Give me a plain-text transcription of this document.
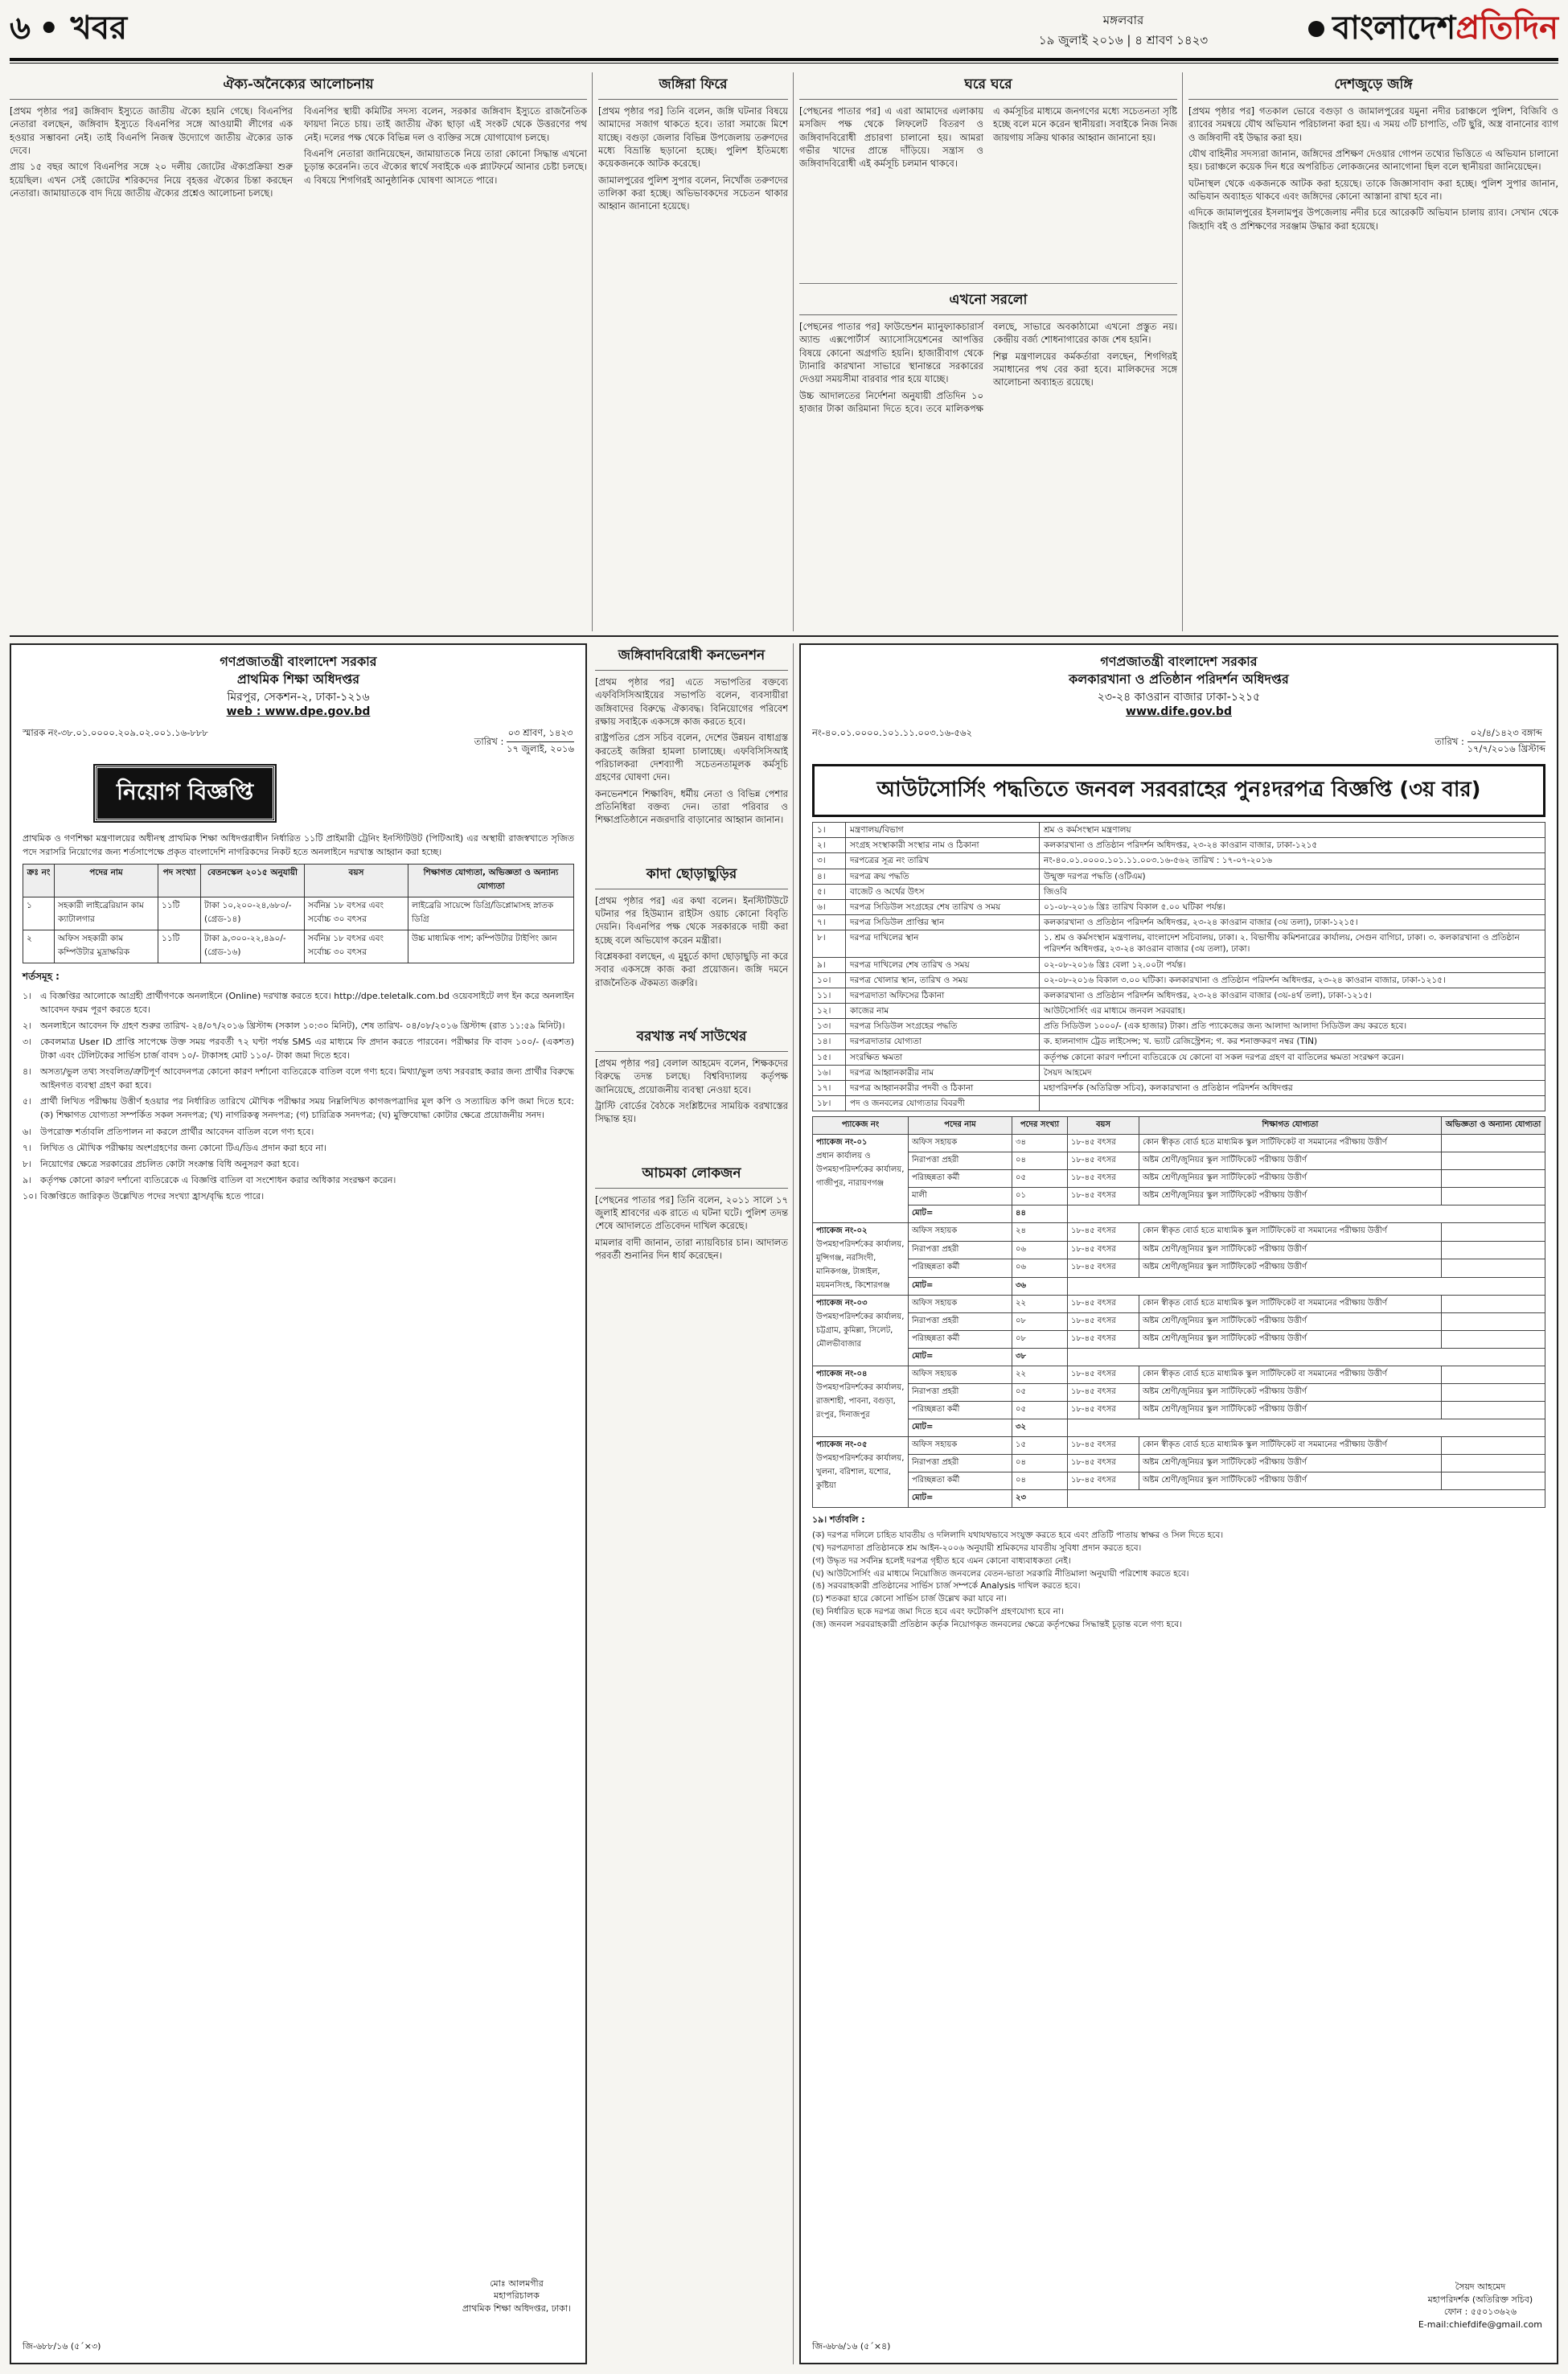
৬ • খবর	মঙ্গলবার
১৯ জুলাই ২০১৬ | ৪ শ্রাবণ ১৪২৩	বাংলাদেশ প্রতিদিন
ঐক্য-অনৈক্যের আলোচনায়

[প্রথম পৃষ্ঠার পর] জঙ্গিবাদ ইস্যুতে জাতীয় ঐক্যে হয়নি গেছে। বিএনপির নেতারা বলছেন, জঙ্গিবাদ ইস্যুতে বিএনপির সঙ্গে আওয়ামী লীগের এক হওয়ার সম্ভাবনা নেই। তাই বিএনপি নিজস্ব উদ্যোগে জাতীয় ঐক্যের ডাক দেবে।

প্রায় ১৫ বছর আগে বিএনপির সঙ্গে ২০ দলীয় জোটের ঐক্যপ্রক্রিয়া শুরু হয়েছিল। এখন সেই জোটের শরিকদের নিয়ে বৃহত্তর ঐক্যের চিন্তা করছেন নেতারা। জামায়াতকে বাদ দিয়ে জাতীয় ঐক্যের প্রশ্নেও আলোচনা চলছে।

বিএনপির স্থায়ী কমিটির সদস্য বলেন, সরকার জঙ্গিবাদ ইস্যুতে রাজনৈতিক ফায়দা নিতে চায়। তাই জাতীয় ঐক্য ছাড়া এই সংকট থেকে উত্তরণের পথ নেই। দলের পক্ষ থেকে বিভিন্ন দল ও ব্যক্তির সঙ্গে যোগাযোগ চলছে।

বিএনপি নেতারা জানিয়েছেন, জামায়াতকে নিয়ে তারা কোনো সিদ্ধান্ত এখনো চূড়ান্ত করেননি। তবে ঐক্যের স্বার্থে সবাইকে এক প্ল্যাটফর্মে আনার চেষ্টা চলছে। এ বিষয়ে শিগগিরই আনুষ্ঠানিক ঘোষণা আসতে পারে।

জঙ্গিরা ফিরে

[প্রথম পৃষ্ঠার পর] তিনি বলেন, জঙ্গি ঘটনার বিষয়ে আমাদের সজাগ থাকতে হবে। তারা সমাজে মিশে যাচ্ছে। বগুড়া জেলার বিভিন্ন উপজেলায় তরুণদের মধ্যে বিভ্রান্তি ছড়ানো হচ্ছে। পুলিশ ইতিমধ্যে কয়েকজনকে আটক করেছে।

জামালপুরের পুলিশ সুপার বলেন, নিখোঁজ তরুণদের তালিকা করা হচ্ছে। অভিভাবকদের সচেতন থাকার আহ্বান জানানো হয়েছে।

ঘরে ঘরে

[পেছনের পাতার পর] এ এরা আমাদের এলাকায় মসজিদ পক্ষ থেকে লিফলেট বিতরণ ও জঙ্গিবাদবিরোধী প্রচারণা চালানো হয়। আমরা গভীর খাদের প্রান্তে দাঁড়িয়ে। সন্ত্রাস ও জঙ্গিবাদবিরোধী এই কর্মসূচি চলমান থাকবে।

এ কর্মসূচির মাধ্যমে জনগণের মধ্যে সচেতনতা সৃষ্টি হচ্ছে বলে মনে করেন স্থানীয়রা। সবাইকে নিজ নিজ জায়গায় সক্রিয় থাকার আহ্বান জানানো হয়।

এখনো সরলো

[পেছনের পাতার পর] ফাউন্ডেশন ম্যানুফ্যাকচারার্স অ্যান্ড এক্সপোর্টার্স অ্যাসোসিয়েশনের আপত্তির বিষয়ে কোনো অগ্রগতি হয়নি। হাজারীবাগ থেকে ট্যানারি কারখানা সাভারে স্থানান্তরে সরকারের দেওয়া সময়সীমা বারবার পার হয়ে যাচ্ছে।

উচ্চ আদালতের নির্দেশনা অনুযায়ী প্রতিদিন ১০ হাজার টাকা জরিমানা দিতে হবে। তবে মালিকপক্ষ বলছে, সাভারে অবকাঠামো এখনো প্রস্তুত নয়। কেন্দ্রীয় বর্জ্য শোধনাগারের কাজ শেষ হয়নি।

শিল্প মন্ত্রণালয়ের কর্মকর্তারা বলছেন, শিগগিরই সমাধানের পথ বের করা হবে। মালিকদের সঙ্গে আলোচনা অব্যাহত রয়েছে।

দেশজুড়ে জঙ্গি

[প্রথম পৃষ্ঠার পর] গতকাল ভোরে বগুড়া ও জামালপুরের যমুনা নদীর চরাঞ্চলে পুলিশ, বিজিবি ও র‌্যাবের সমন্বয়ে যৌথ অভিযান পরিচালনা করা হয়। এ সময় ৩টি চাপাতি, ৩টি ছুরি, অস্ত্র বানানোর ব্যাগ ও জঙ্গিবাদী বই উদ্ধার করা হয়।

যৌথ বাহিনীর সদস্যরা জানান, জঙ্গিদের প্রশিক্ষণ দেওয়ার গোপন তথ্যের ভিত্তিতে এ অভিযান চালানো হয়। চরাঞ্চলে কয়েক দিন ধরে অপরিচিত লোকজনের আনাগোনা ছিল বলে স্থানীয়রা জানিয়েছেন।

ঘটনাস্থল থেকে একজনকে আটক করা হয়েছে। তাকে জিজ্ঞাসাবাদ করা হচ্ছে। পুলিশ সুপার জানান, অভিযান অব্যাহত থাকবে এবং জঙ্গিদের কোনো আস্তানা রাখা হবে না।

এদিকে জামালপুরের ইসলামপুর উপজেলায় নদীর চরে আরেকটি অভিযান চালায় র‌্যাব। সেখান থেকে জিহাদি বই ও প্রশিক্ষণের সরঞ্জাম উদ্ধার করা হয়েছে।

গণপ্রজাতন্ত্রী বাংলাদেশ সরকার
প্রাথমিক শিক্ষা অধিদপ্তর
মিরপুর, সেকশন-২, ঢাকা-১২১৬
web : www.dpe.gov.bd
স্মারক নং-৩৮.০১.০০০০.২০৯.০২.০০১.১৬-৮৮৮
তারিখ :
০৩ শ্রাবণ, ১৪২৩
১৭ জুলাই, ২০১৬
নিয়োগ বিজ্ঞপ্তি
প্রাথমিক ও গণশিক্ষা মন্ত্রণালয়ের অধীনস্থ প্রাথমিক শিক্ষা অধিদপ্তরাধীন নির্ধারিত ১১টি প্রাইমারী ট্রেনিং ইনস্টিটিউট (পিটিআই) এর অস্থায়ী রাজস্বখাতে সৃজিত পদে সরাসরি নিয়োগের জন্য শর্তসাপেক্ষে প্রকৃত বাংলাদেশি নাগরিকদের নিকট হতে অনলাইনে দরখাস্ত আহ্বান করা হচ্ছে।
ক্রঃ নং	পদের নাম	পদ সংখ্যা	বেতনস্কেল ২০১৫ অনুযায়ী	বয়স	শিক্ষাগত যোগ্যতা, অভিজ্ঞতা ও অন্যান্য যোগ্যতা
১	সহকারী লাইব্রেরিয়ান কাম ক্যাটালগার	১১টি	টাকা ১০,২০০-২৪,৬৮০/- (গ্রেড-১৪)	সর্বনিম্ন ১৮ বৎসর এবং সর্বোচ্চ ৩০ বৎসর	লাইব্রেরি সায়েন্সে ডিগ্রি/ডিপ্লোমাসহ স্নাতক ডিগ্রি
২	অফিস সহকারী কাম কম্পিউটার মুদ্রাক্ষরিক	১১টি	টাকা ৯,৩০০-২২,৪৯০/- (গ্রেড-১৬)	সর্বনিম্ন ১৮ বৎসর এবং সর্বোচ্চ ৩০ বৎসর	উচ্চ মাধ্যমিক পাশ; কম্পিউটার টাইপিং জ্ঞান
শর্তসমূহ :
১। এ বিজ্ঞপ্তির আলোকে আগ্রহী প্রার্থীগণকে অনলাইনে (Online) দরখাস্ত করতে হবে। http://dpe.teletalk.com.bd ওয়েবসাইটে লগ ইন করে অনলাইন আবেদন ফরম পূরণ করতে হবে।
২। অনলাইনে আবেদন ফি গ্রহণ শুরুর তারিখ- ২৪/০৭/২০১৬ খ্রিস্টাব্দ (সকাল ১০:৩০ মিনিট), শেষ তারিখ- ০৪/০৮/২০১৬ খ্রিস্টাব্দ (রাত ১১:৫৯ মিনিট)।
৩। কেবলমাত্র User ID প্রাপ্তি সাপেক্ষে উক্ত সময় পরবর্তী ৭২ ঘণ্টা পর্যন্ত SMS এর মাধ্যমে ফি প্রদান করতে পারবেন। পরীক্ষার ফি বাবদ ১০০/- (একশত) টাকা এবং টেলিটকের সার্ভিস চার্জ বাবদ ১০/- টাকাসহ মোট ১১০/- টাকা জমা দিতে হবে।
৪। অসত্য/ভুল তথ্য সংবলিত/ত্রুটিপূর্ণ আবেদনপত্র কোনো কারণ দর্শানো ব্যতিরেকে বাতিল বলে গণ্য হবে। মিথ্যা/ভুল তথ্য সরবরাহ করার জন্য প্রার্থীর বিরুদ্ধে আইনগত ব্যবস্থা গ্রহণ করা হবে।
৫। প্রার্থী লিখিত পরীক্ষায় উত্তীর্ণ হওয়ার পর নির্ধারিত তারিখে মৌখিক পরীক্ষার সময় নিম্নলিখিত কাগজপত্রাদির মূল কপি ও সত্যায়িত কপি জমা দিতে হবে: (ক) শিক্ষাগত যোগ্যতা সম্পর্কিত সকল সনদপত্র; (খ) নাগরিকত্ব সনদপত্র; (গ) চারিত্রিক সনদপত্র; (ঘ) মুক্তিযোদ্ধা কোটার ক্ষেত্রে প্রয়োজনীয় সনদ।
৬। উপরোক্ত শর্তাবলি প্রতিপালন না করলে প্রার্থীর আবেদন বাতিল বলে গণ্য হবে।
৭। লিখিত ও মৌখিক পরীক্ষায় অংশগ্রহণের জন্য কোনো টিএ/ডিএ প্রদান করা হবে না।
৮। নিয়োগের ক্ষেত্রে সরকারের প্রচলিত কোটা সংক্রান্ত বিধি অনুসরণ করা হবে।
৯। কর্তৃপক্ষ কোনো কারণ দর্শানো ব্যতিরেকে এ বিজ্ঞপ্তি বাতিল বা সংশোধন করার অধিকার সংরক্ষণ করেন।
১০। বিজ্ঞপ্তিতে জারিকৃত উল্লেখিত পদের সংখ্যা হ্রাস/বৃদ্ধি হতে পারে।
মোঃ আলমগীর
মহাপরিচালক
প্রাথমিক শিক্ষা অধিদপ্তর, ঢাকা।
জি-৬৮৮/১৬ (৫´×৩)
জঙ্গিবাদবিরোধী কনভেনশন

[প্রথম পৃষ্ঠার পর] এতে সভাপতির বক্তব্যে এফবিসিসিআইয়ের সভাপতি বলেন, ব্যবসায়ীরা জঙ্গিবাদের বিরুদ্ধে ঐক্যবদ্ধ। বিনিয়োগের পরিবেশ রক্ষায় সবাইকে একসঙ্গে কাজ করতে হবে।

রাষ্ট্রপতির প্রেস সচিব বলেন, দেশের উন্নয়ন বাধাগ্রস্ত করতেই জঙ্গিরা হামলা চালাচ্ছে। এফবিসিসিআই পরিচালকরা দেশব্যাপী সচেতনতামূলক কর্মসূচি গ্রহণের ঘোষণা দেন।

কনভেনশনে শিক্ষাবিদ, ধর্মীয় নেতা ও বিভিন্ন পেশার প্রতিনিধিরা বক্তব্য দেন। তারা পরিবার ও শিক্ষাপ্রতিষ্ঠানে নজরদারি বাড়ানোর আহ্বান জানান।

কাদা ছোড়াছুড়ির

[প্রথম পৃষ্ঠার পর] এর কথা বলেন। ইনস্টিটিউটে ঘটনার পর হিউম্যান রাইটস ওয়াচ কোনো বিবৃতি দেয়নি। বিএনপির পক্ষ থেকে সরকারকে দায়ী করা হচ্ছে বলে অভিযোগ করেন মন্ত্রীরা।

বিশ্লেষকরা বলছেন, এ মুহূর্তে কাদা ছোড়াছুড়ি না করে সবার একসঙ্গে কাজ করা প্রয়োজন। জঙ্গি দমনে রাজনৈতিক ঐকমত্য জরুরি।

বরখাস্ত নর্থ সাউথের

[প্রথম পৃষ্ঠার পর] বেলাল আহমেদ বলেন, শিক্ষকদের বিরুদ্ধে তদন্ত চলছে। বিশ্ববিদ্যালয় কর্তৃপক্ষ জানিয়েছে, প্রয়োজনীয় ব্যবস্থা নেওয়া হবে।

ট্রাস্টি বোর্ডের বৈঠকে সংশ্লিষ্টদের সাময়িক বরখাস্তের সিদ্ধান্ত হয়।

আচমকা লোকজন

[পেছনের পাতার পর] তিনি বলেন, ২০১১ সালে ১৭ জুলাই শ্রাবণের এক রাতে এ ঘটনা ঘটে। পুলিশ তদন্ত শেষে আদালতে প্রতিবেদন দাখিল করেছে।

মামলার বাদী জানান, তারা ন্যায়বিচার চান। আদালত পরবর্তী শুনানির দিন ধার্য করেছেন।

গণপ্রজাতন্ত্রী বাংলাদেশ সরকার
কলকারখানা ও প্রতিষ্ঠান পরিদর্শন অধিদপ্তর
২৩-২৪ কাওরান বাজার ঢাকা-১২১৫
www.dife.gov.bd
নং-৪০.০১.০০০০.১০১.১১.০০৩.১৬-৫৬২
তারিখ :
০২/৪/১৪২৩ বঙ্গাব্দ
১৭/৭/২০১৬ খ্রিস্টাব্দ
আউটসোর্সিং পদ্ধতিতে জনবল সরবরাহের পুনঃদরপত্র বিজ্ঞপ্তি (৩য় বার)
১।	মন্ত্রণালয়/বিভাগ	শ্রম ও কর্মসংস্থান মন্ত্রণালয়
২।	সংগ্রহ সংস্থাকারী সংস্থার নাম ও ঠিকানা	কলকারখানা ও প্রতিষ্ঠান পরিদর্শন অধিদপ্তর, ২৩-২৪ কাওরান বাজার, ঢাকা-১২১৫
৩।	দরপত্রের সূত্র নং তারিখ	নং-৪০.০১.০০০০.১০১.১১.০০৩.১৬-৫৬২ তারিখ : ১৭-০৭-২০১৬
৪।	দরপত্র ক্রয় পদ্ধতি	উন্মুক্ত দরপত্র পদ্ধতি (ওটিএম)
৫।	বাজেট ও অর্থের উৎস	জিওবি
৬।	দরপত্র সিডিউল সংগ্রহের শেষ তারিখ ও সময়	০১-০৮-২০১৬ খ্রিঃ তারিখ বিকাল ৫.০০ ঘটিকা পর্যন্ত।
৭।	দরপত্র সিডিউল প্রাপ্তির স্থান	কলকারখানা ও প্রতিষ্ঠান পরিদর্শন অধিদপ্তর, ২৩-২৪ কাওরান বাজার (৩য় তলা), ঢাকা-১২১৫।
৮।	দরপত্র দাখিলের স্থান	১. শ্রম ও কর্মসংস্থান মন্ত্রণালয়, বাংলাদেশ সচিবালয়, ঢাকা। ২. বিভাগীয় কমিশনারের কার্যালয়, সেগুন বাগিচা, ঢাকা। ৩. কলকারখানা ও প্রতিষ্ঠান পরিদর্শন অধিদপ্তর, ২৩-২৪ কাওরান বাজার (৩য় তলা), ঢাকা।
৯।	দরপত্র দাখিলের শেষ তারিখ ও সময়	০২-০৮-২০১৬ খ্রিঃ বেলা ১২.০০টা পর্যন্ত।
১০।	দরপত্র খোলার স্থান, তারিখ ও সময়	০২-০৮-২০১৬ বিকাল ৩.০০ ঘটিকা। কলকারখানা ও প্রতিষ্ঠান পরিদর্শন অধিদপ্তর, ২৩-২৪ কাওরান বাজার, ঢাকা-১২১৫।
১১।	দরপত্রদাতা অফিসের ঠিকানা	কলকারখানা ও প্রতিষ্ঠান পরিদর্শন অধিদপ্তর, ২৩-২৪ কাওরান বাজার (৩য়-৪র্থ তলা), ঢাকা-১২১৫।
১২।	কাজের নাম	আউটসোর্সিং এর মাধ্যমে জনবল সরবরাহ।
১৩।	দরপত্র সিডিউল সংগ্রহের পদ্ধতি	প্রতি সিডিউল ১০০০/- (এক হাজার) টাকা। প্রতি প্যাকেজের জন্য আলাদা আলাদা সিডিউল ক্রয় করতে হবে।
১৪।	দরপত্রদাতার যোগ্যতা	ক. হালনাগাদ ট্রেড লাইসেন্স; খ. ভ্যাট রেজিস্ট্রেশন; গ. কর শনাক্তকরণ নম্বর (TIN)
১৫।	সংরক্ষিত ক্ষমতা	কর্তৃপক্ষ কোনো কারণ দর্শানো ব্যতিরেকে যে কোনো বা সকল দরপত্র গ্রহণ বা বাতিলের ক্ষমতা সংরক্ষণ করেন।
১৬।	দরপত্র আহ্বানকারীর নাম	সৈয়দ আহমেদ
১৭।	দরপত্র আহ্বানকারীর পদবী ও ঠিকানা	মহাপরিদর্শক (অতিরিক্ত সচিব), কলকারখানা ও প্রতিষ্ঠান পরিদর্শন অধিদপ্তর
১৮।	পদ ও জনবলের যোগ্যতার বিবরণী	
প্যাকেজ নং	পদের নাম	পদের সংখ্যা	বয়স	শিক্ষাগত যোগ্যতা	অভিজ্ঞতা ও অন্যান্য যোগ্যতা

প্যাকেজ নং-০১
প্রধান কার্যালয় ও উপমহাপরিদর্শকের কার্যালয়, গাজীপুর, নারায়ণগঞ্জ	অফিস সহায়ক	৩৪	১৮-৪৫ বৎসর	কোন স্বীকৃত বোর্ড হতে মাধ্যমিক স্কুল সার্টিফিকেট বা সমমানের পরীক্ষায় উত্তীর্ণ	
	নিরাপত্তা প্রহরী	০৪	১৮-৪৫ বৎসর	অষ্টম শ্রেণী/জুনিয়র স্কুল সার্টিফিকেট পরীক্ষায় উত্তীর্ণ	
	পরিচ্ছন্নতা কর্মী	০৫	১৮-৪৫ বৎসর	অষ্টম শ্রেণী/জুনিয়র স্কুল সার্টিফিকেট পরীক্ষায় উত্তীর্ণ	
	মালী	০১	১৮-৪৫ বৎসর	অষ্টম শ্রেণী/জুনিয়র স্কুল সার্টিফিকেট পরীক্ষায় উত্তীর্ণ	
	মোট=	৪৪			

প্যাকেজ নং-০২
উপমহাপরিদর্শকের কার্যালয়, মুন্সিগঞ্জ, নরসিংদী, মানিকগঞ্জ, টাঙ্গাইল, ময়মনসিংহ, কিশোরগঞ্জ	অফিস সহায়ক	২৪	১৮-৪৫ বৎসর	কোন স্বীকৃত বোর্ড হতে মাধ্যমিক স্কুল সার্টিফিকেট বা সমমানের পরীক্ষায় উত্তীর্ণ	
	নিরাপত্তা প্রহরী	০৬	১৮-৪৫ বৎসর	অষ্টম শ্রেণী/জুনিয়র স্কুল সার্টিফিকেট পরীক্ষায় উত্তীর্ণ	
	পরিচ্ছন্নতা কর্মী	০৬	১৮-৪৫ বৎসর	অষ্টম শ্রেণী/জুনিয়র স্কুল সার্টিফিকেট পরীক্ষায় উত্তীর্ণ	
	মোট=	৩৬			

প্যাকেজ নং-০৩
উপমহাপরিদর্শকের কার্যালয়, চট্টগ্রাম, কুমিল্লা, সিলেট, মৌলভীবাজার	অফিস সহায়ক	২২	১৮-৪৫ বৎসর	কোন স্বীকৃত বোর্ড হতে মাধ্যমিক স্কুল সার্টিফিকেট বা সমমানের পরীক্ষায় উত্তীর্ণ	
	নিরাপত্তা প্রহরী	০৮	১৮-৪৫ বৎসর	অষ্টম শ্রেণী/জুনিয়র স্কুল সার্টিফিকেট পরীক্ষায় উত্তীর্ণ	
	পরিচ্ছন্নতা কর্মী	০৮	১৮-৪৫ বৎসর	অষ্টম শ্রেণী/জুনিয়র স্কুল সার্টিফিকেট পরীক্ষায় উত্তীর্ণ	
	মোট=	৩৮			

প্যাকেজ নং-০৪
উপমহাপরিদর্শকের কার্যালয়, রাজশাহী, পাবনা, বগুড়া, রংপুর, দিনাজপুর	অফিস সহায়ক	২২	১৮-৪৫ বৎসর	কোন স্বীকৃত বোর্ড হতে মাধ্যমিক স্কুল সার্টিফিকেট বা সমমানের পরীক্ষায় উত্তীর্ণ	
	নিরাপত্তা প্রহরী	০৫	১৮-৪৫ বৎসর	অষ্টম শ্রেণী/জুনিয়র স্কুল সার্টিফিকেট পরীক্ষায় উত্তীর্ণ	
	পরিচ্ছন্নতা কর্মী	০৫	১৮-৪৫ বৎসর	অষ্টম শ্রেণী/জুনিয়র স্কুল সার্টিফিকেট পরীক্ষায় উত্তীর্ণ	
	মোট=	৩২			

প্যাকেজ নং-০৫
উপমহাপরিদর্শকের কার্যালয়, খুলনা, বরিশাল, যশোর, কুষ্টিয়া	অফিস সহায়ক	১৫	১৮-৪৫ বৎসর	কোন স্বীকৃত বোর্ড হতে মাধ্যমিক স্কুল সার্টিফিকেট বা সমমানের পরীক্ষায় উত্তীর্ণ	
	নিরাপত্তা প্রহরী	০৪	১৮-৪৫ বৎসর	অষ্টম শ্রেণী/জুনিয়র স্কুল সার্টিফিকেট পরীক্ষায় উত্তীর্ণ	
	পরিচ্ছন্নতা কর্মী	০৪	১৮-৪৫ বৎসর	অষ্টম শ্রেণী/জুনিয়র স্কুল সার্টিফিকেট পরীক্ষায় উত্তীর্ণ	
	মোট=	২৩			
১৯। শর্তাবলি :
(ক) দরপত্র দলিলে চাহিত যাবতীয় ও দলিলাদি যথাযথভাবে সংযুক্ত করতে হবে এবং প্রতিটি পাতায় স্বাক্ষর ও সিল দিতে হবে।
(খ) দরপত্রদাতা প্রতিষ্ঠানকে শ্রম আইন-২০০৬ অনুযায়ী শ্রমিকদের যাবতীয় সুবিধা প্রদান করতে হবে।
(গ) উদ্ধৃত দর সর্বনিম্ন হলেই দরপত্র গৃহীত হবে এমন কোনো বাধ্যবাধকতা নেই।
(ঘ) আউটসোর্সিং এর মাধ্যমে নিয়োজিত জনবলের বেতন-ভাতা সরকারি নীতিমালা অনুযায়ী পরিশোধ করতে হবে।
(ঙ) সরবরাহকারী প্রতিষ্ঠানের সার্ভিস চার্জ সম্পর্কে Analysis দাখিল করতে হবে।
(চ) শতকরা হারে কোনো সার্ভিস চার্জ উল্লেখ করা যাবে না।
(ছ) নির্ধারিত ছকে দরপত্র জমা দিতে হবে এবং ফটোকপি গ্রহণযোগ্য হবে না।
(জ) জনবল সরবরাহকারী প্রতিষ্ঠান কর্তৃক নিয়োগকৃত জনবলের ক্ষেত্রে কর্তৃপক্ষের সিদ্ধান্তই চূড়ান্ত বলে গণ্য হবে।
সৈয়দ আহমেদ
মহাপরিদর্শক (অতিরিক্ত সচিব)
ফোন : ৫৫০১৩৬২৬
E-mail:chiefdife@gmail.com
জি-৬৮৬/১৬ (৫´×৪)
